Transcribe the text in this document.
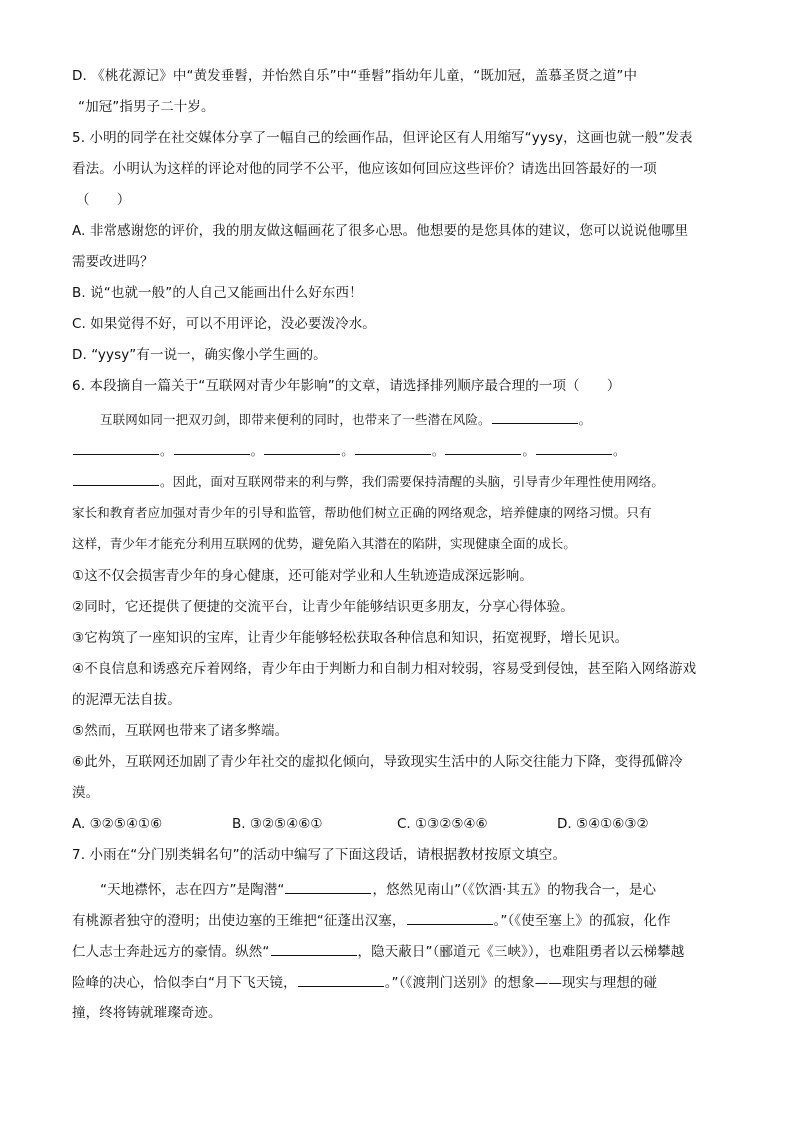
D. 《桃花源记》中“黄发垂髫，并怡然自乐”中“垂髫”指幼年儿童，“既加冠，盖慕圣贤之道”中
“加冠”指男子二十岁。
5. 小明的同学在社交媒体分享了一幅自己的绘画作品，但评论区有人用缩写“yysy，这画也就一般”发表
看法。小明认为这样的评论对他的同学不公平，他应该如何回应这些评价？请选出回答最好的一项
（　　）
A. 非常感谢您的评价，我的朋友做这幅画花了很多心思。他想要的是您具体的建议，您可以说说他哪里
需要改进吗？
B. 说“也就一般”的人自己又能画出什么好东西！
C. 如果觉得不好，可以不用评论，没必要泼冷水。
D. “yysy”有一说一，确实像小学生画的。
6. 本段摘自一篇关于“互联网对青少年影响”的文章，请选择排列顺序最合理的一项（　　）
互联网如同一把双刃剑，即带来便利的同时，也带来了一些潜在风险。	。
。	。	。	。	。	。
。因此，面对互联网带来的利与弊，我们需要保持清醒的头脑，引导青少年理性使用网络。
家长和教育者应加强对青少年的引导和监管，帮助他们树立正确的网络观念，培养健康的网络习惯。只有
这样，青少年才能充分利用互联网的优势，避免陷入其潜在的陷阱，实现健康全面的成长。
①这不仅会损害青少年的身心健康，还可能对学业和人生轨迹造成深远影响。
②同时，它还提供了便捷的交流平台，让青少年能够结识更多朋友，分享心得体验。
③它构筑了一座知识的宝库，让青少年能够轻松获取各种信息和知识，拓宽视野，增长见识。
④不良信息和诱惑充斥着网络，青少年由于判断力和自制力相对较弱，容易受到侵蚀，甚至陷入网络游戏
的泥潭无法自拔。
⑤然而，互联网也带来了诸多弊端。
⑥此外，互联网还加剧了青少年社交的虚拟化倾向，导致现实生活中的人际交往能力下降，变得孤僻冷
漠。
A. ③②⑤④①⑥	B. ③②⑤④⑥①	C. ①③②⑤④⑥	D. ⑤④①⑥③②
7. 小雨在“分门别类辑名句”的活动中编写了下面这段话，请根据教材按原文填空。
“天地襟怀，志在四方”是陶潜“	，悠然见南山”（《饮酒·其五》的物我合一，是心
有桃源者独守的澄明；出使边塞的王维把“征蓬出汉塞，	。”（《使至塞上》的孤寂，化作
仁人志士奔赴远方的豪情。纵然“	，隐天蔽日”（郦道元《三峡》），也难阻勇者以云梯攀越
险峰的决心，恰似李白“月下飞天镜，	。”（《渡荆门送别》的想象——现实与理想的碰
撞，终将铸就璀璨奇迹。
